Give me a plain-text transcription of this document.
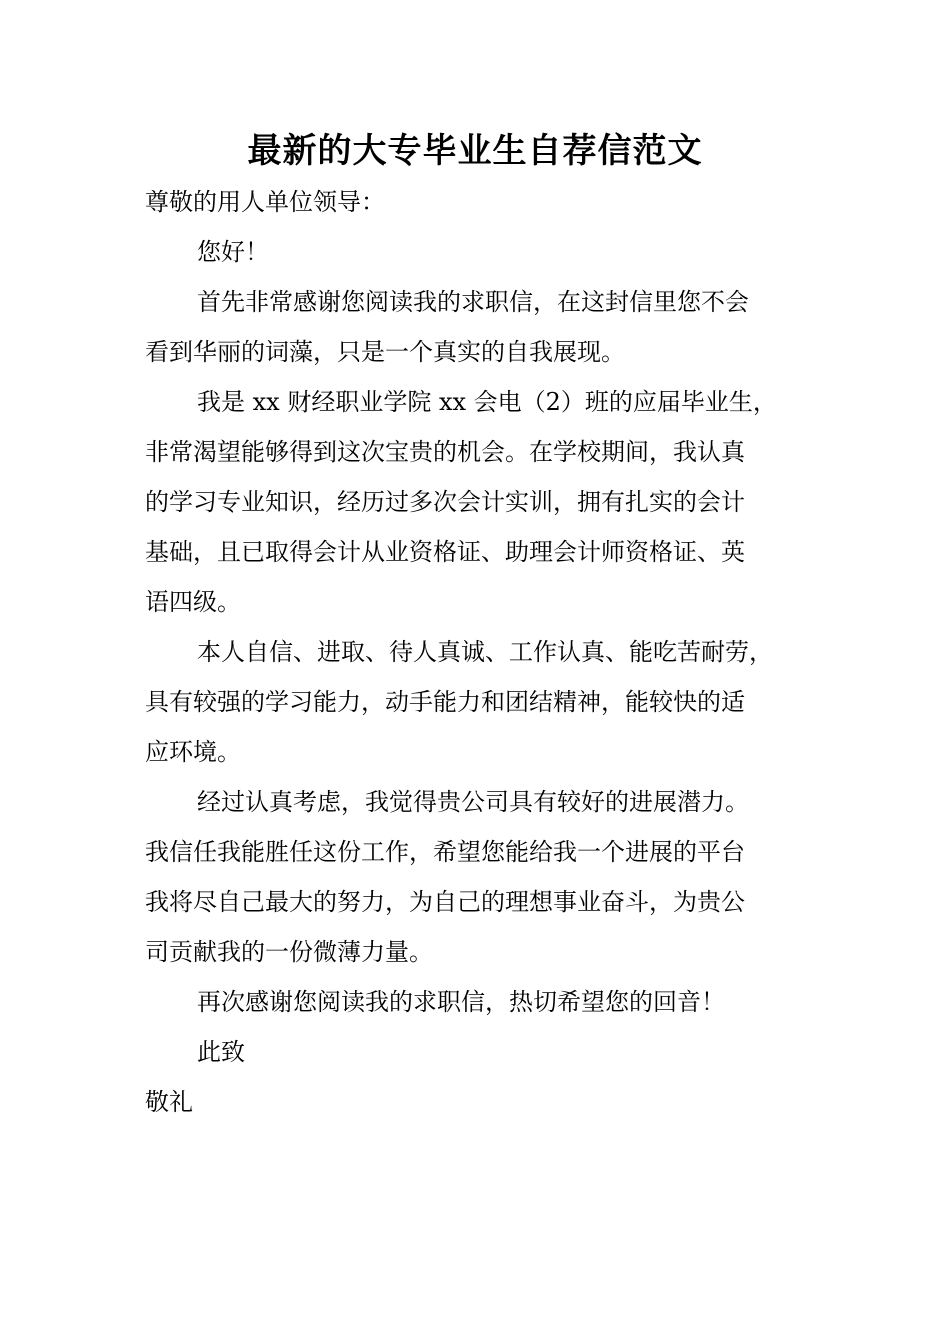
最新的大专毕业生自荐信范文

尊敬的用人单位领导：

您好！

首先非常感谢您阅读我的求职信，在这封信里您不会
看到华丽的词藻，只是一个真实的自我展现。

我是 xx 财经职业学院 xx 会电（2）班的应届毕业生，
非常渴望能够得到这次宝贵的机会。在学校期间，我认真
的学习专业知识，经历过多次会计实训，拥有扎实的会计
基础，且已取得会计从业资格证、助理会计师资格证、英
语四级。

本人自信、进取、待人真诚、工作认真、能吃苦耐劳，
具有较强的学习能力，动手能力和团结精神，能较快的适
应环境。

经过认真考虑，我觉得贵公司具有较好的进展潜力。
我信任我能胜任这份工作，希望您能给我一个进展的平台
我将尽自己最大的努力，为自己的理想事业奋斗，为贵公
司贡献我的一份微薄力量。

再次感谢您阅读我的求职信，热切希望您的回音！

此致

敬礼
